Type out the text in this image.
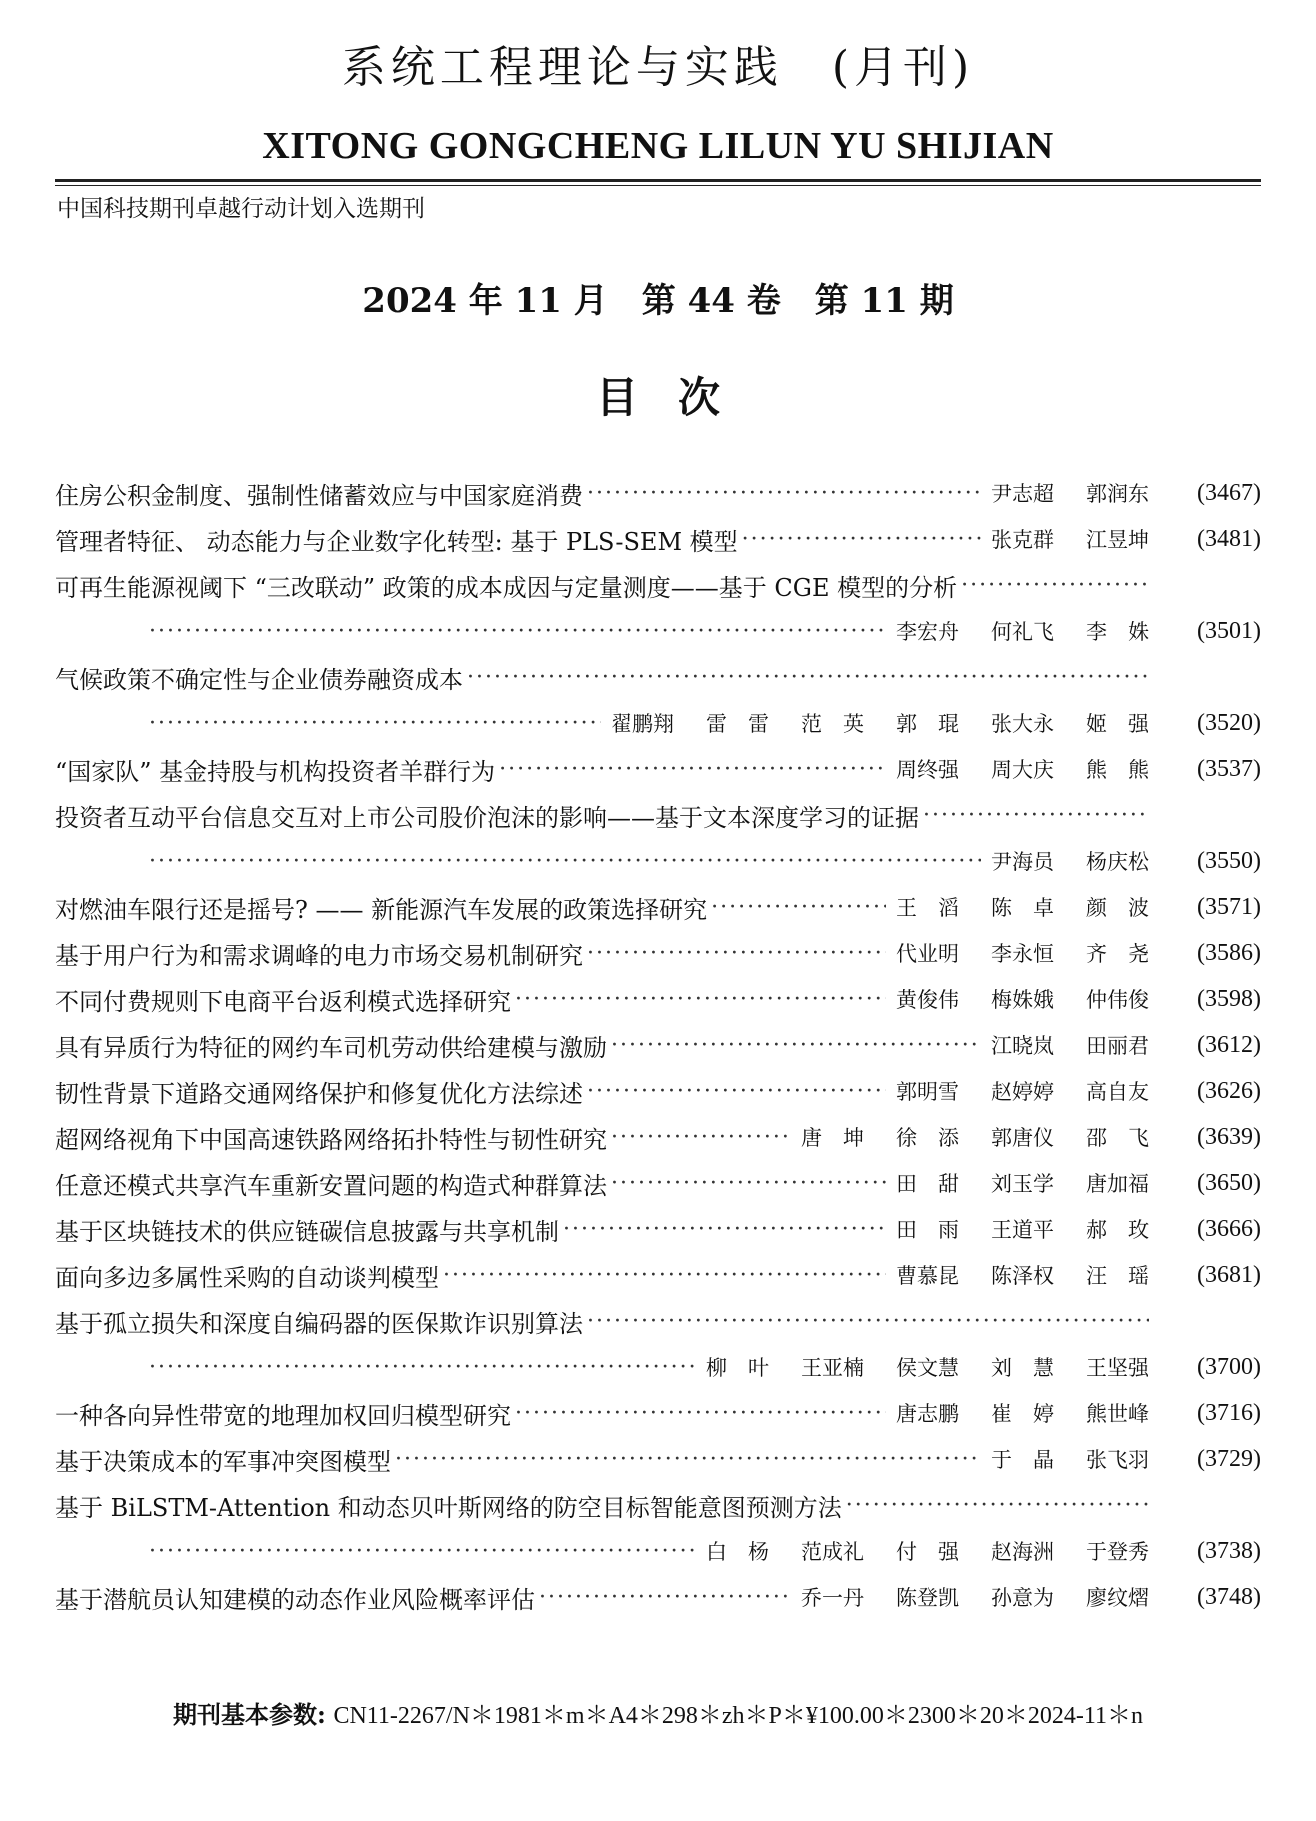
系统工程理论与实践　(月刊)
XITONG GONGCHENG LILUN YU SHIJIAN
中国科技期刊卓越行动计划入选期刊
2024 年 11 月　第 44 卷　第 11 期
目次
住房公积金制度、强制性储蓄效应与中国家庭消费 ·····	尹志超 郭润东	(3467)
管理者特征、 动态能力与企业数字化转型: 基于 PLS-SEM 模型 ·····	张克群 江昱坤	(3481)
可再生能源视阈下 “三改联动” 政策的成本成因与定量测度——基于 CGE 模型的分析
·····
·····
李宏舟 何礼飞 李　姝	(3501)
气候政策不确定性与企业债券融资成本
·····
·····
翟鹏翔 雷　雷 范　英 郭　琨 张大永 姬　强	(3520)
“国家队” 基金持股与机构投资者羊群行为 ·····	周终强 周大庆 熊　熊	(3537)
投资者互动平台信息交互对上市公司股价泡沫的影响——基于文本深度学习的证据
·····
·····
尹海员 杨庆松	(3550)
对燃油车限行还是摇号? —— 新能源汽车发展的政策选择研究 ·····	王　滔 陈　卓 颜　波	(3571)
基于用户行为和需求调峰的电力市场交易机制研究 ·····	代业明 李永恒 齐　尧	(3586)
不同付费规则下电商平台返利模式选择研究 ·····	黄俊伟 梅姝娥 仲伟俊	(3598)
具有异质行为特征的网约车司机劳动供给建模与激励 ·····	江晓岚 田丽君	(3612)
韧性背景下道路交通网络保护和修复优化方法综述 ·····	郭明雪 赵婷婷 高自友	(3626)
超网络视角下中国高速铁路网络拓扑特性与韧性研究 ·····	唐　坤 徐　添 郭唐仪 邵　飞	(3639)
任意还模式共享汽车重新安置问题的构造式种群算法 ·····	田　甜 刘玉学 唐加福	(3650)
基于区块链技术的供应链碳信息披露与共享机制 ·····	田　雨 王道平 郝　玫	(3666)
面向多边多属性采购的自动谈判模型 ·····	曹慕昆 陈泽权 汪　瑶	(3681)
基于孤立损失和深度自编码器的医保欺诈识别算法
·····
·····
柳　叶 王亚楠 侯文慧 刘　慧 王坚强	(3700)
一种各向异性带宽的地理加权回归模型研究 ·····	唐志鹏 崔　婷 熊世峰	(3716)
基于决策成本的军事冲突图模型 ·····	于　晶 张飞羽	(3729)
基于 BiLSTM-Attention 和动态贝叶斯网络的防空目标智能意图预测方法
·····
·····
白　杨 范成礼 付　强 赵海洲 于登秀	(3738)
基于潜航员认知建模的动态作业风险概率评估 ·····	乔一丹 陈登凯 孙意为 廖纹熠	(3748)
期刊基本参数: CN11-2267/N＊1981＊m＊A4＊298＊zh＊P＊¥100.00＊2300＊20＊2024-11＊n
